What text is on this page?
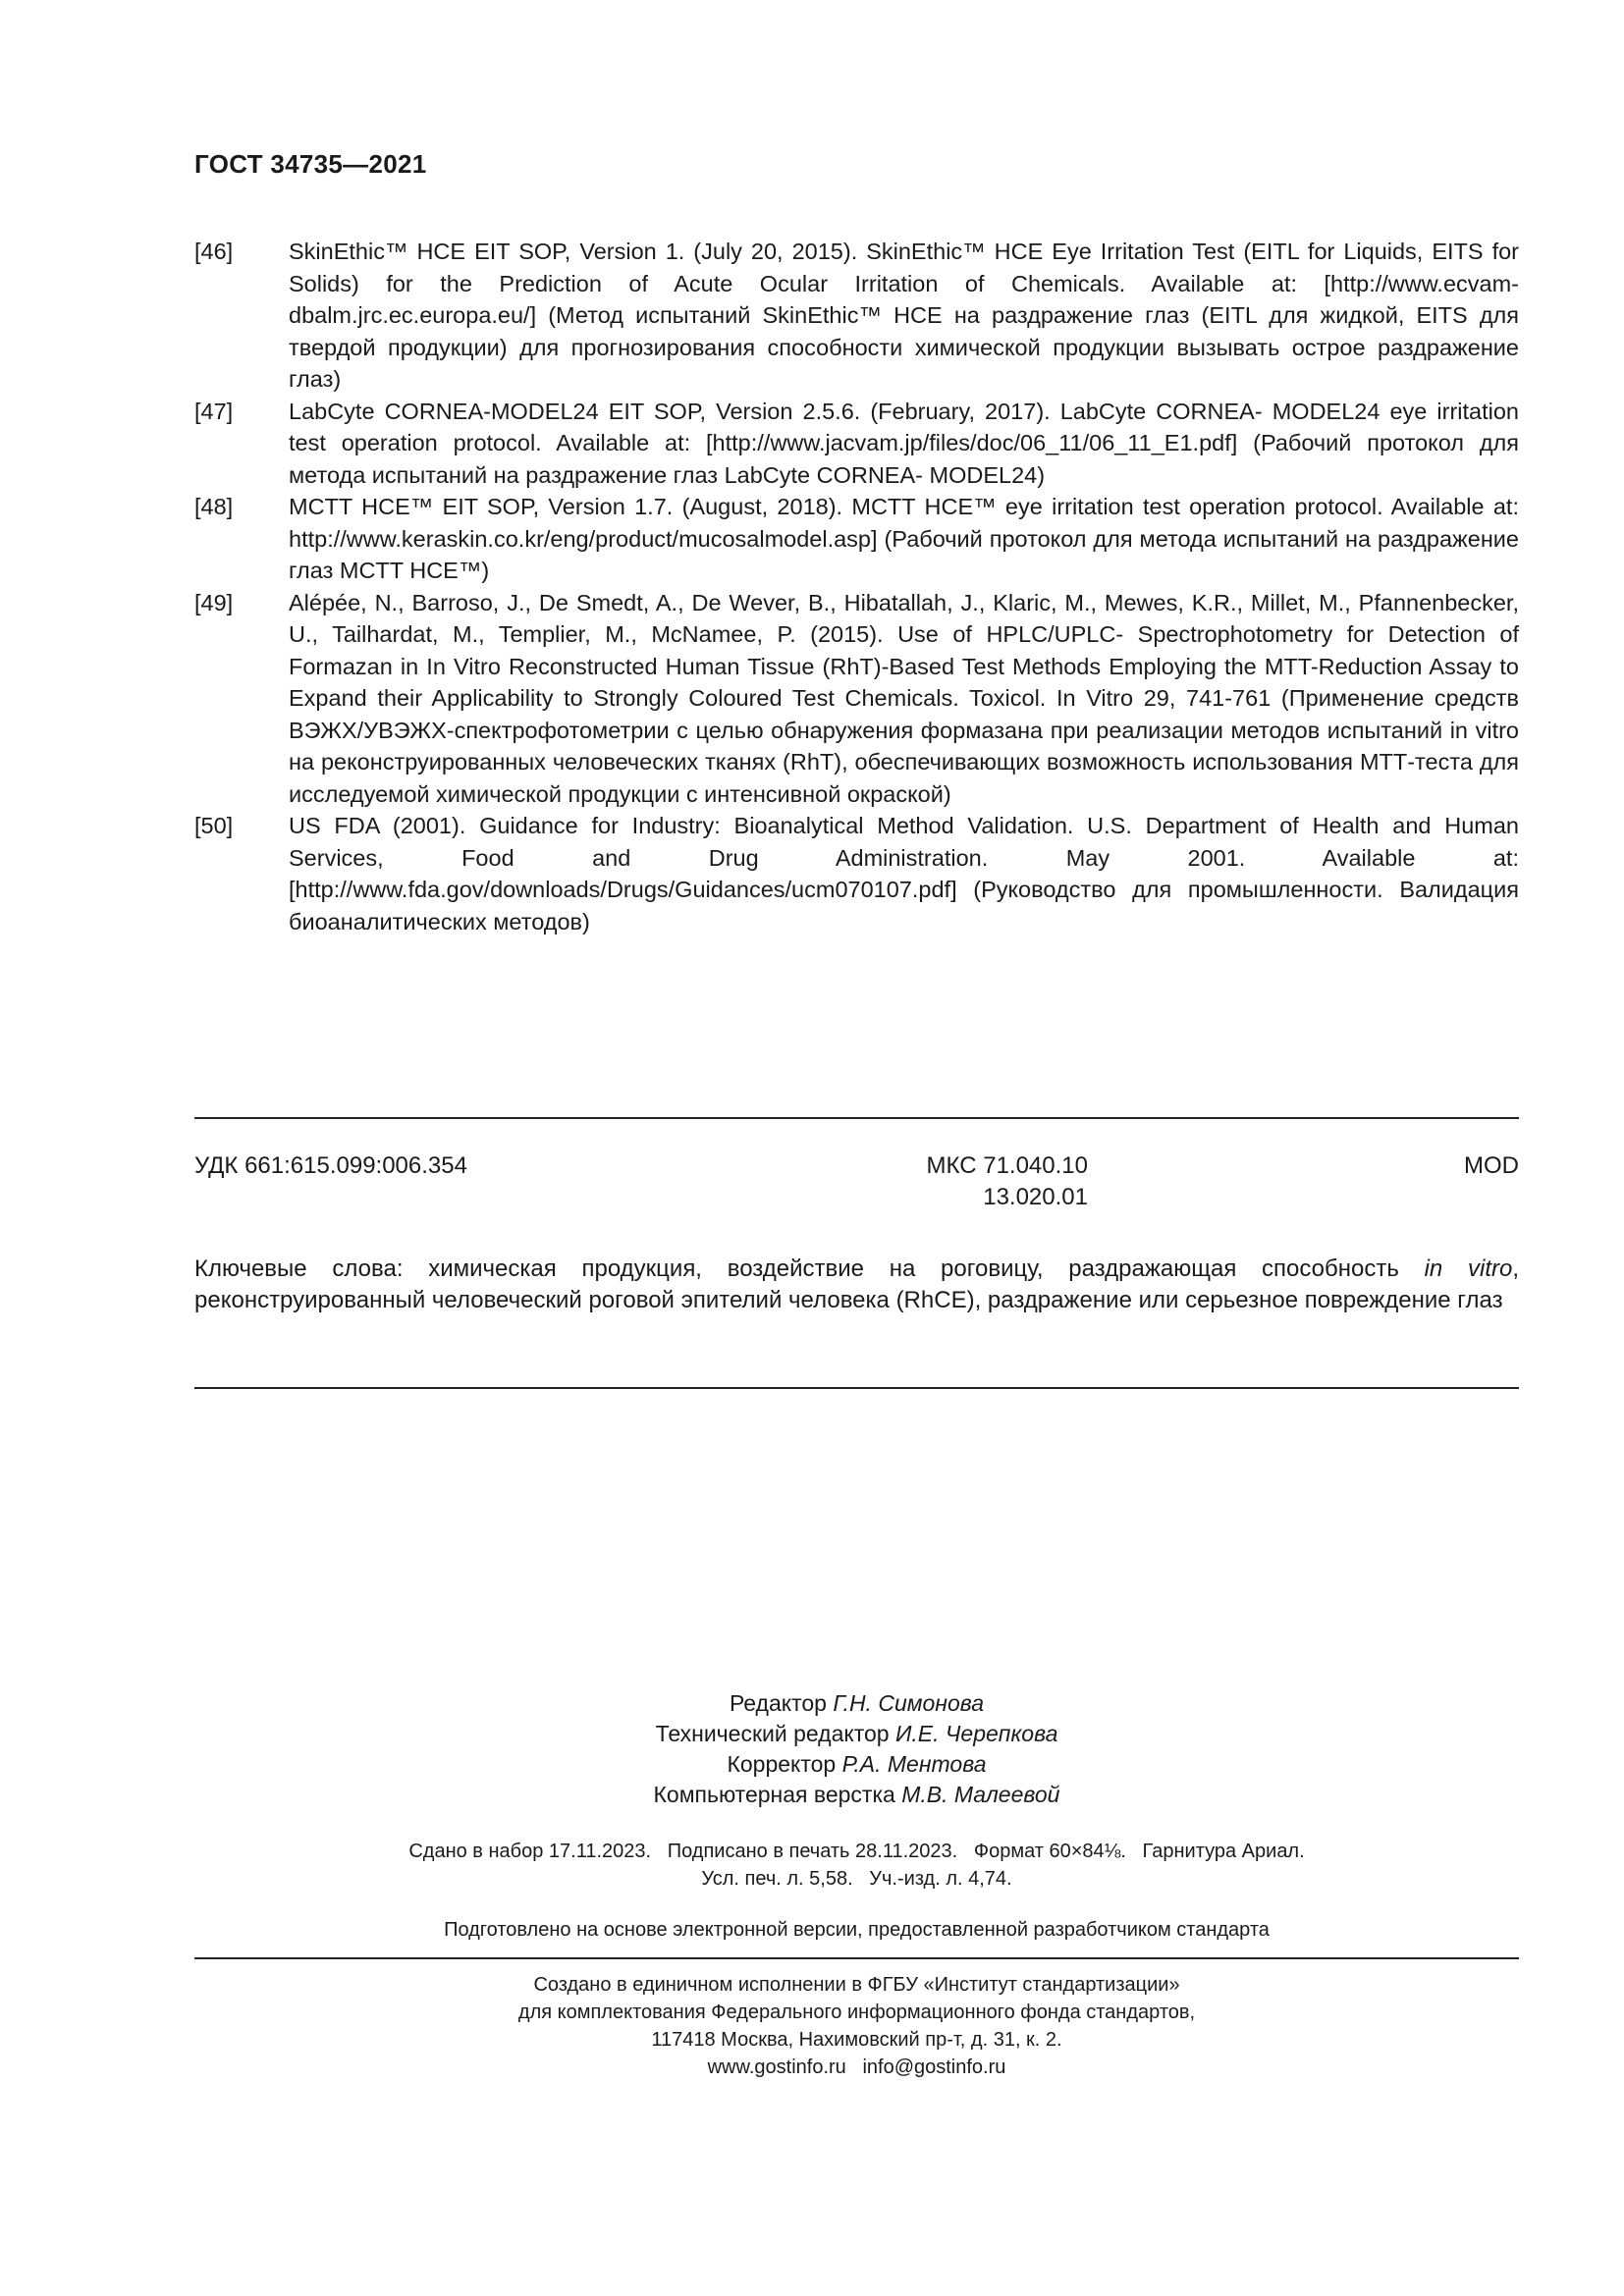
ГОСТ 34735—2021
[46]	SkinEthic™ HCE EIT SOP, Version 1. (July 20, 2015). SkinEthic™ HCE Eye Irritation Test (EITL for Liquids, EITS for Solids) for the Prediction of Acute Ocular Irritation of Chemicals. Available at: [http://www.ecvam- dbalm.jrc.ec.europa.eu/] (Метод испытаний SkinEthic™ HCE на раздражение глаз (EITL для жидкой, EITS для твердой продукции) для прогнозирования способности химической продукции вызывать острое раздражение глаз)
[47]	LabCyte CORNEA-MODEL24 EIT SOP, Version 2.5.6. (February, 2017). LabCyte CORNEA- MODEL24 eye irritation test operation protocol. Available at: [http://www.jacvam.jp/files/doc/06_11/06_11_E1.pdf] (Рабочий протокол для метода испытаний на раздражение глаз LabCyte CORNEA- MODEL24)
[48]	MCTT HCE™ EIT SOP, Version 1.7. (August, 2018). MCTT HCE™ eye irritation test operation protocol. Available at: http://www.keraskin.co.kr/eng/product/mucosalmodel.asp] (Рабочий протокол для метода испытаний на раздражение глаз MCTT HCE™)
[49]	Alépée, N., Barroso, J., De Smedt, A., De Wever, B., Hibatallah, J., Klaric, M., Mewes, K.R., Millet, M., Pfannenbecker, U., Tailhardat, M., Templier, M., McNamee, P. (2015). Use of HPLC/UPLC- Spectrophotometry for Detection of Formazan in In Vitro Reconstructed Human Tissue (RhT)-Based Test Methods Employing the MTT-Reduction Assay to Expand their Applicability to Strongly Coloured Test Chemicals. Toxicol. In Vitro 29, 741-761 (Применение средств ВЭЖХ/УВЭЖХ-спектрофотометрии с целью обнаружения формазана при реализации методов испытаний in vitro на реконструированных человеческих тканях (RhT), обеспечивающих возможность использования МТТ-теста для исследуемой химической продукции с интенсивной окраской)
[50]	US FDA (2001). Guidance for Industry: Bioanalytical Method Validation. U.S. Department of Health and Human Services, Food and Drug Administration. May 2001. Available at: [http://www.fda.gov/downloads/Drugs/Guidances/ucm070107.pdf] (Руководство для промышленности. Валидация биоаналитических методов)
УДК 661:615.099:006.354	МКС 71.040.10
13.020.01
MOD
Ключевые слова: химическая продукция, воздействие на роговицу, раздражающая способность in vitro, реконструированный человеческий роговой эпителий человека (RhCE), раздражение или серьезное повреждение глаз
Редактор Г.Н. Симонова
Технический редактор И.Е. Черепкова
Корректор Р.А. Ментова
Компьютерная верстка М.В. Малеевой
Сдано в набор 17.11.2023.   Подписано в печать 28.11.2023.   Формат 60×84⅛.   Гарнитура Ариал.
Усл. печ. л. 5,58.   Уч.-изд. л. 4,74.
Подготовлено на основе электронной версии, предоставленной разработчиком стандарта
Создано в единичном исполнении в ФГБУ «Институт стандартизации»
для комплектования Федерального информационного фонда стандартов,
117418 Москва, Нахимовский пр-т, д. 31, к. 2.
www.gostinfo.ru   info@gostinfo.ru
